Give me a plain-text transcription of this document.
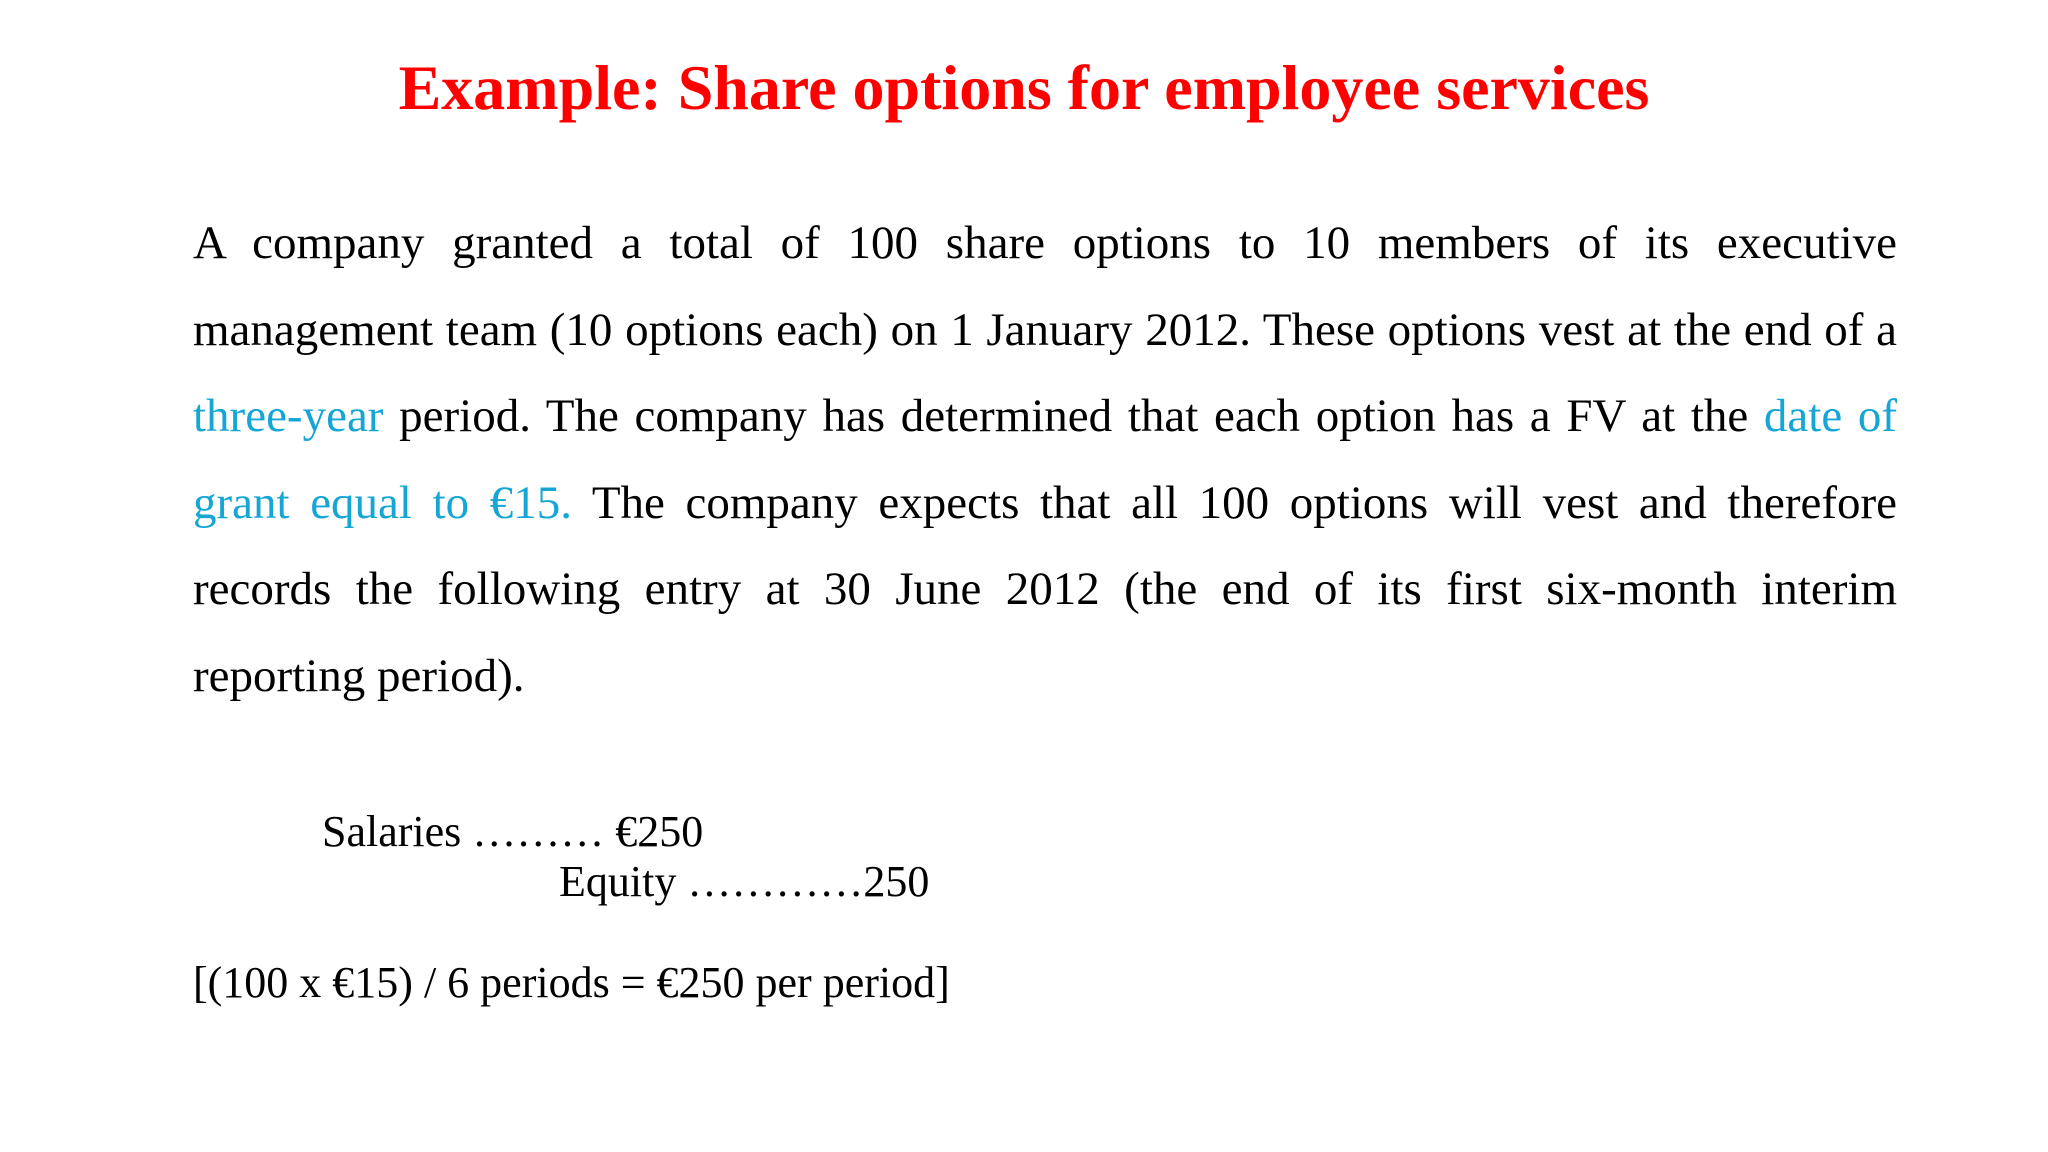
Example: Share options for employee services

A company granted a total of 100 share options to 10 members of its executive management team (10 options each) on 1 January 2012. These options vest at the end of a three-year period. The company has determined that each option has a FV at the date of grant equal to €15. The company expects that all 100 options will vest and therefore records the following entry at 30 June 2012 (the end of its first six-month interim reporting period).

Salaries ……… €250
Equity …………250
[(100 x €15) / 6 periods = €250 per period]
